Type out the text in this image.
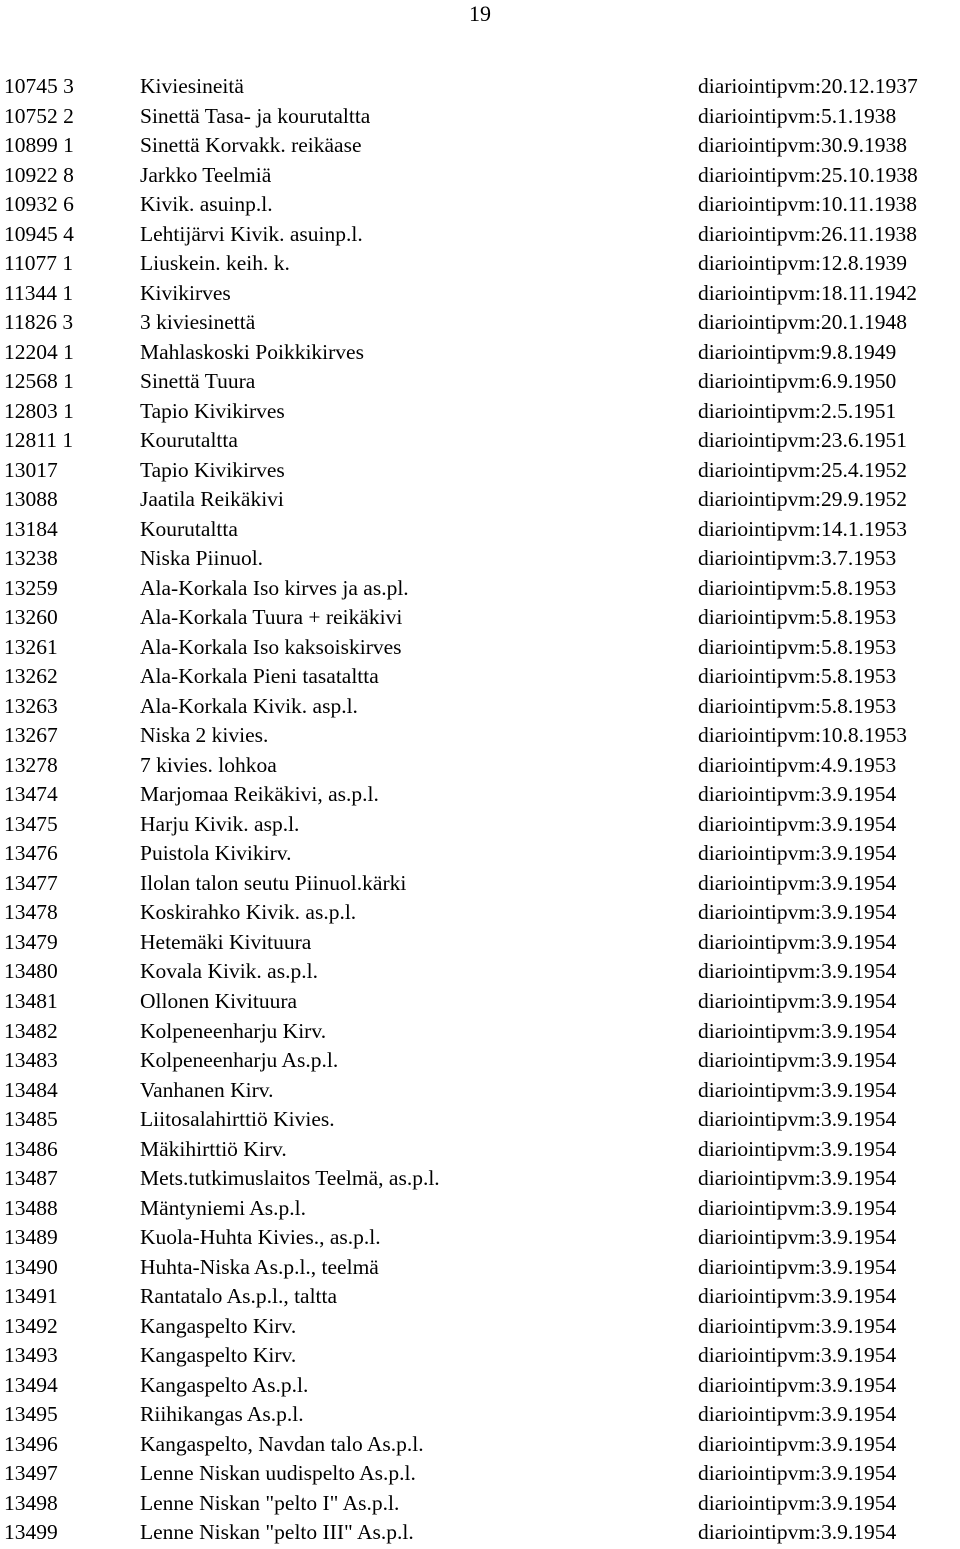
19
10745 3	Kiviesineitä	diariointipvm:20.12.1937
10752 2	Sinettä Tasa- ja kourutaltta	diariointipvm:5.1.1938
10899 1	Sinettä Korvakk. reikäase	diariointipvm:30.9.1938
10922 8	Jarkko Teelmiä	diariointipvm:25.10.1938
10932 6	Kivik. asuinp.l.	diariointipvm:10.11.1938
10945 4	Lehtijärvi Kivik. asuinp.l.	diariointipvm:26.11.1938
11077 1	Liuskein. keih. k.	diariointipvm:12.8.1939
11344 1	Kivikirves	diariointipvm:18.11.1942
11826 3	3 kiviesinettä	diariointipvm:20.1.1948
12204 1	Mahlaskoski Poikkikirves	diariointipvm:9.8.1949
12568 1	Sinettä Tuura	diariointipvm:6.9.1950
12803 1	Tapio Kivikirves	diariointipvm:2.5.1951
12811 1	Kourutaltta	diariointipvm:23.6.1951
13017	Tapio Kivikirves	diariointipvm:25.4.1952
13088	Jaatila Reikäkivi	diariointipvm:29.9.1952
13184	Kourutaltta	diariointipvm:14.1.1953
13238	Niska Piinuol.	diariointipvm:3.7.1953
13259	Ala-Korkala Iso kirves ja as.pl.	diariointipvm:5.8.1953
13260	Ala-Korkala Tuura + reikäkivi	diariointipvm:5.8.1953
13261	Ala-Korkala Iso kaksoiskirves	diariointipvm:5.8.1953
13262	Ala-Korkala Pieni tasataltta	diariointipvm:5.8.1953
13263	Ala-Korkala Kivik. asp.l.	diariointipvm:5.8.1953
13267	Niska 2 kivies.	diariointipvm:10.8.1953
13278	7 kivies. lohkoa	diariointipvm:4.9.1953
13474	Marjomaa Reikäkivi, as.p.l.	diariointipvm:3.9.1954
13475	Harju Kivik. asp.l.	diariointipvm:3.9.1954
13476	Puistola Kivikirv.	diariointipvm:3.9.1954
13477	Ilolan talon seutu Piinuol.kärki	diariointipvm:3.9.1954
13478	Koskirahko Kivik. as.p.l.	diariointipvm:3.9.1954
13479	Hetemäki Kivituura	diariointipvm:3.9.1954
13480	Kovala Kivik. as.p.l.	diariointipvm:3.9.1954
13481	Ollonen Kivituura	diariointipvm:3.9.1954
13482	Kolpeneenharju Kirv.	diariointipvm:3.9.1954
13483	Kolpeneenharju As.p.l.	diariointipvm:3.9.1954
13484	Vanhanen Kirv.	diariointipvm:3.9.1954
13485	Liitosalahirttiö Kivies.	diariointipvm:3.9.1954
13486	Mäkihirttiö Kirv.	diariointipvm:3.9.1954
13487	Mets.tutkimuslaitos Teelmä, as.p.l.	diariointipvm:3.9.1954
13488	Mäntyniemi As.p.l.	diariointipvm:3.9.1954
13489	Kuola-Huhta Kivies., as.p.l.	diariointipvm:3.9.1954
13490	Huhta-Niska As.p.l., teelmä	diariointipvm:3.9.1954
13491	Rantatalo As.p.l., taltta	diariointipvm:3.9.1954
13492	Kangaspelto Kirv.	diariointipvm:3.9.1954
13493	Kangaspelto Kirv.	diariointipvm:3.9.1954
13494	Kangaspelto As.p.l.	diariointipvm:3.9.1954
13495	Riihikangas As.p.l.	diariointipvm:3.9.1954
13496	Kangaspelto, Navdan talo As.p.l.	diariointipvm:3.9.1954
13497	Lenne Niskan uudispelto As.p.l.	diariointipvm:3.9.1954
13498	Lenne Niskan "pelto I" As.p.l.	diariointipvm:3.9.1954
13499	Lenne Niskan "pelto III" As.p.l.	diariointipvm:3.9.1954
